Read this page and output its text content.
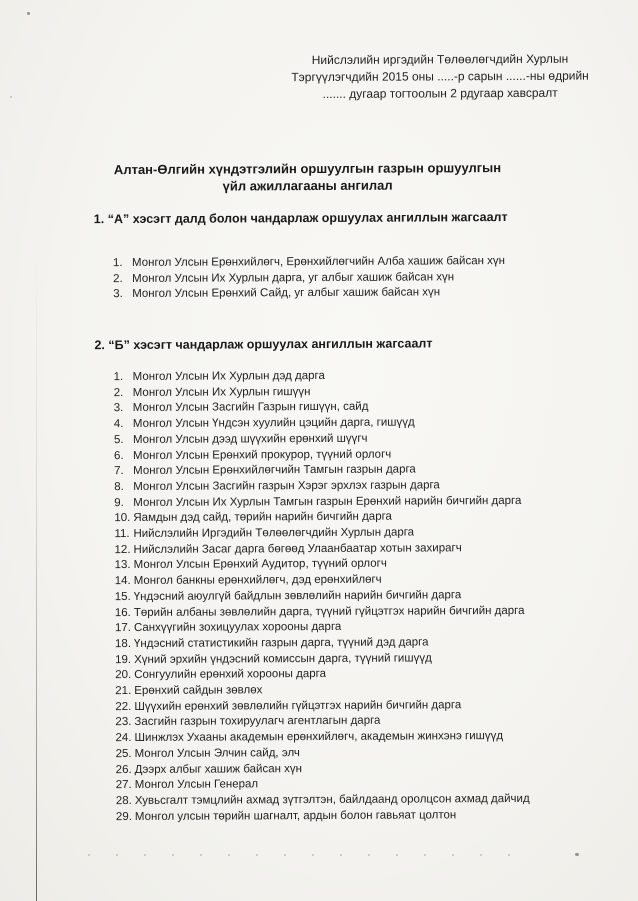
Нийслэлийн иргэдийн Төлөөлөгчдийн Хурлын
Тэргүүлэгчдийн 2015 оны .....-р сарын ......-ны өдрийн
....... дугаар тогтоолын 2 рдугаар хавсралт
Алтан-Өлгийн хүндэтгэлийн оршуулгын газрын оршуулгын
үйл ажиллагааны ангилал
1. “А” хэсэгт далд болон чандарлаж оршуулах ангиллын жагсаалт
1. Монгол Улсын Ерөнхийлөгч, Ерөнхийлөгчийн Алба хашиж байсан хүн
2. Монгол Улсын Их Хурлын дарга, уг албыг хашиж байсан хүн
3. Монгол Улсын Ерөнхий Сайд, уг албыг хашиж байсан хүн
2. “Б” хэсэгт чандарлаж оршуулах ангиллын жагсаалт
1. Монгол Улсын Их Хурлын дэд дарга
2. Монгол Улсын Их Хурлын гишүүн
3. Монгол Улсын Засгийн Газрын гишүүн, сайд
4. Монгол Улсын Үндсэн хуулийн цэцийн дарга, гишүүд
5. Монгол Улсын дээд шүүхийн ерөнхий шүүгч
6. Монгол Улсын Ерөнхий прокурор, түүний орлогч
7. Монгол Улсын Ерөнхийлөгчийн Тамгын газрын дарга
8. Монгол Улсын Засгийн газрын Хэрэг эрхлэх газрын дарга
9. Монгол Улсын Их Хурлын Тамгын газрын Ерөнхий нарийн бичгийн дарга
10. Яамдын дэд сайд, төрийн нарийн бичгийн дарга
11. Нийслэлийн Иргэдийн Төлөөлөгчдийн Хурлын дарга
12. Нийслэлийн Засаг дарга бөгөөд Улаанбаатар хотын захирагч
13. Монгол Улсын Ерөнхий Аудитор, түүний орлогч
14. Монгол банкны ерөнхийлөгч, дэд ерөнхийлөгч
15. Үндэсний аюулгүй байдлын зөвлөлийн нарийн бичгийн дарга
16. Төрийн албаны зөвлөлийн дарга, түүний гүйцэтгэх нарийн бичгийн дарга
17. Санхүүгийн зохицуулах хорооны дарга
18. Үндэсний статистикийн газрын дарга, түүний дэд дарга
19. Хүний эрхийн үндэсний комиссын дарга, түүний гишүүд
20. Сонгуулийн ерөнхий хорооны дарга
21. Ерөнхий сайдын зөвлөх
22. Шүүхийн ерөнхий зөвлөлийн гүйцэтгэх нарийн бичгийн дарга
23. Засгийн газрын тохируулагч агентлагын дарга
24. Шинжлэх Ухааны академын ерөнхийлөгч, академын жинхэнэ гишүүд
25. Монгол Улсын Элчин сайд, элч
26. Дээрх албыг хашиж байсан хүн
27. Монгол Улсын Генерал
28. Хувьсгалт тэмцлийн ахмад зүтгэлтэн, байлдаанд оролцсон ахмад дайчид
29. Монгол улсын төрийн шагналт, ардын болон гавьяат цолтон
